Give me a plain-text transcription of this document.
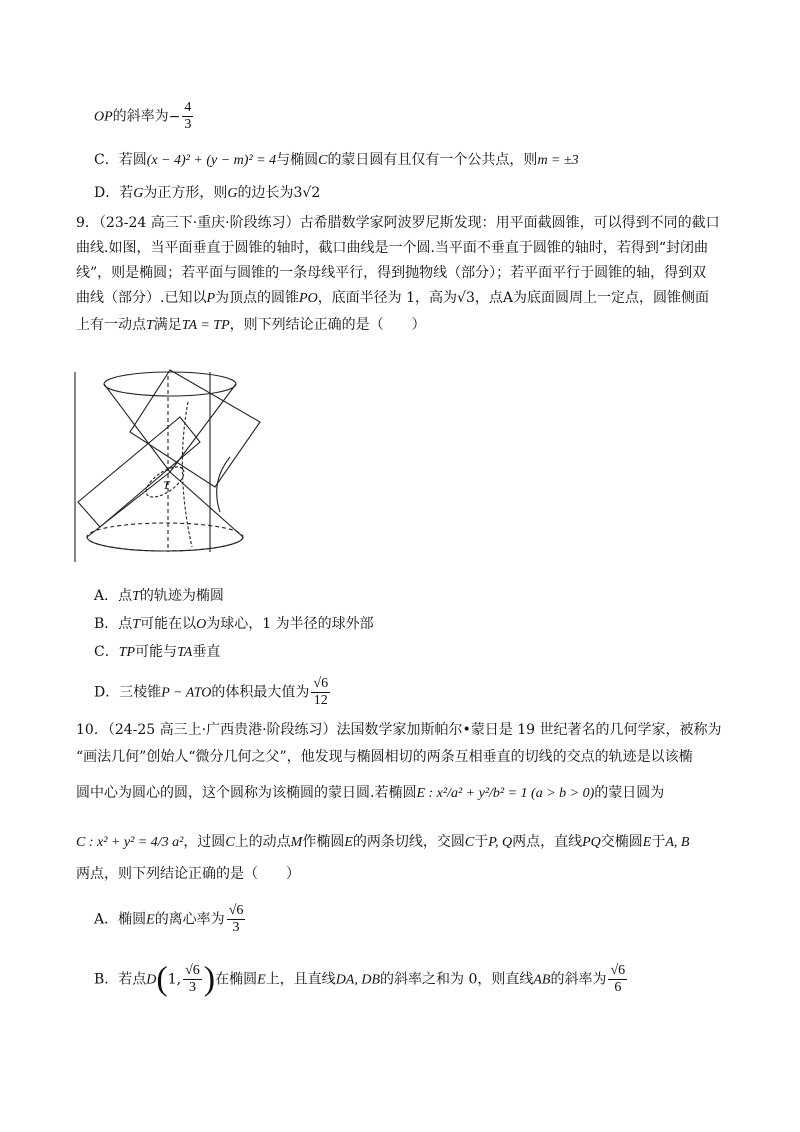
OP的斜率为− $\frac{4}{3}$
C．若圆(x − 4)² + (y − m)² = 4与椭圆C的蒙日圆有且仅有一个公共点，则m = ±3
D．若G为正方形，则G的边长为3√2
9．（23-24 高三下·重庆·阶段练习）古希腊数学家阿波罗尼斯发现：用平面截圆锥，可以得到不同的截口
曲线.如图，当平面垂直于圆锥的轴时，截口曲线是一个圆.当平面不垂直于圆锥的轴时，若得到“封闭曲
线”，则是椭圆；若平面与圆锥的一条母线平行，得到抛物线（部分）；若平面平行于圆锥的轴，得到双
曲线（部分）.已知以P为顶点的圆锥PO，底面半径为 1，高为√3，点A为底面圆周上一定点，圆锥侧面
上有一动点T满足TA = TP，则下列结论正确的是（　　）
T
A．点T的轨迹为椭圆
B．点T可能在以O为球心，1 为半径的球外部
C．TP可能与TA垂直
D．三棱锥P − ATO的体积最大值为 $\frac{√6}{12}$
10．（24-25 高三上·广西贵港·阶段练习）法国数学家加斯帕尔•蒙日是 19 世纪著名的几何学家，被称为
“画法几何”创始人“微分几何之父”，他发现与椭圆相切的两条互相垂直的切线的交点的轨迹是以该椭
圆中心为圆心的圆，这个圆称为该椭圆的蒙日圆.若椭圆E : x²/a² + y²/b² = 1 (a > b > 0)的蒙日圆为
C : x² + y² = 4/3 a²，过圆C上的动点M作椭圆E的两条切线，交圆C于P, Q两点，直线PQ交椭圆E于A, B
两点，则下列结论正确的是（　　）
A．椭圆E的离心率为 $\frac{√6}{3}$
B．若点D(1, $\frac{√6}{3}$ )在椭圆E上，且直线DA, DB的斜率之和为 0，则直线AB的斜率为 $\frac{√6}{6}$
